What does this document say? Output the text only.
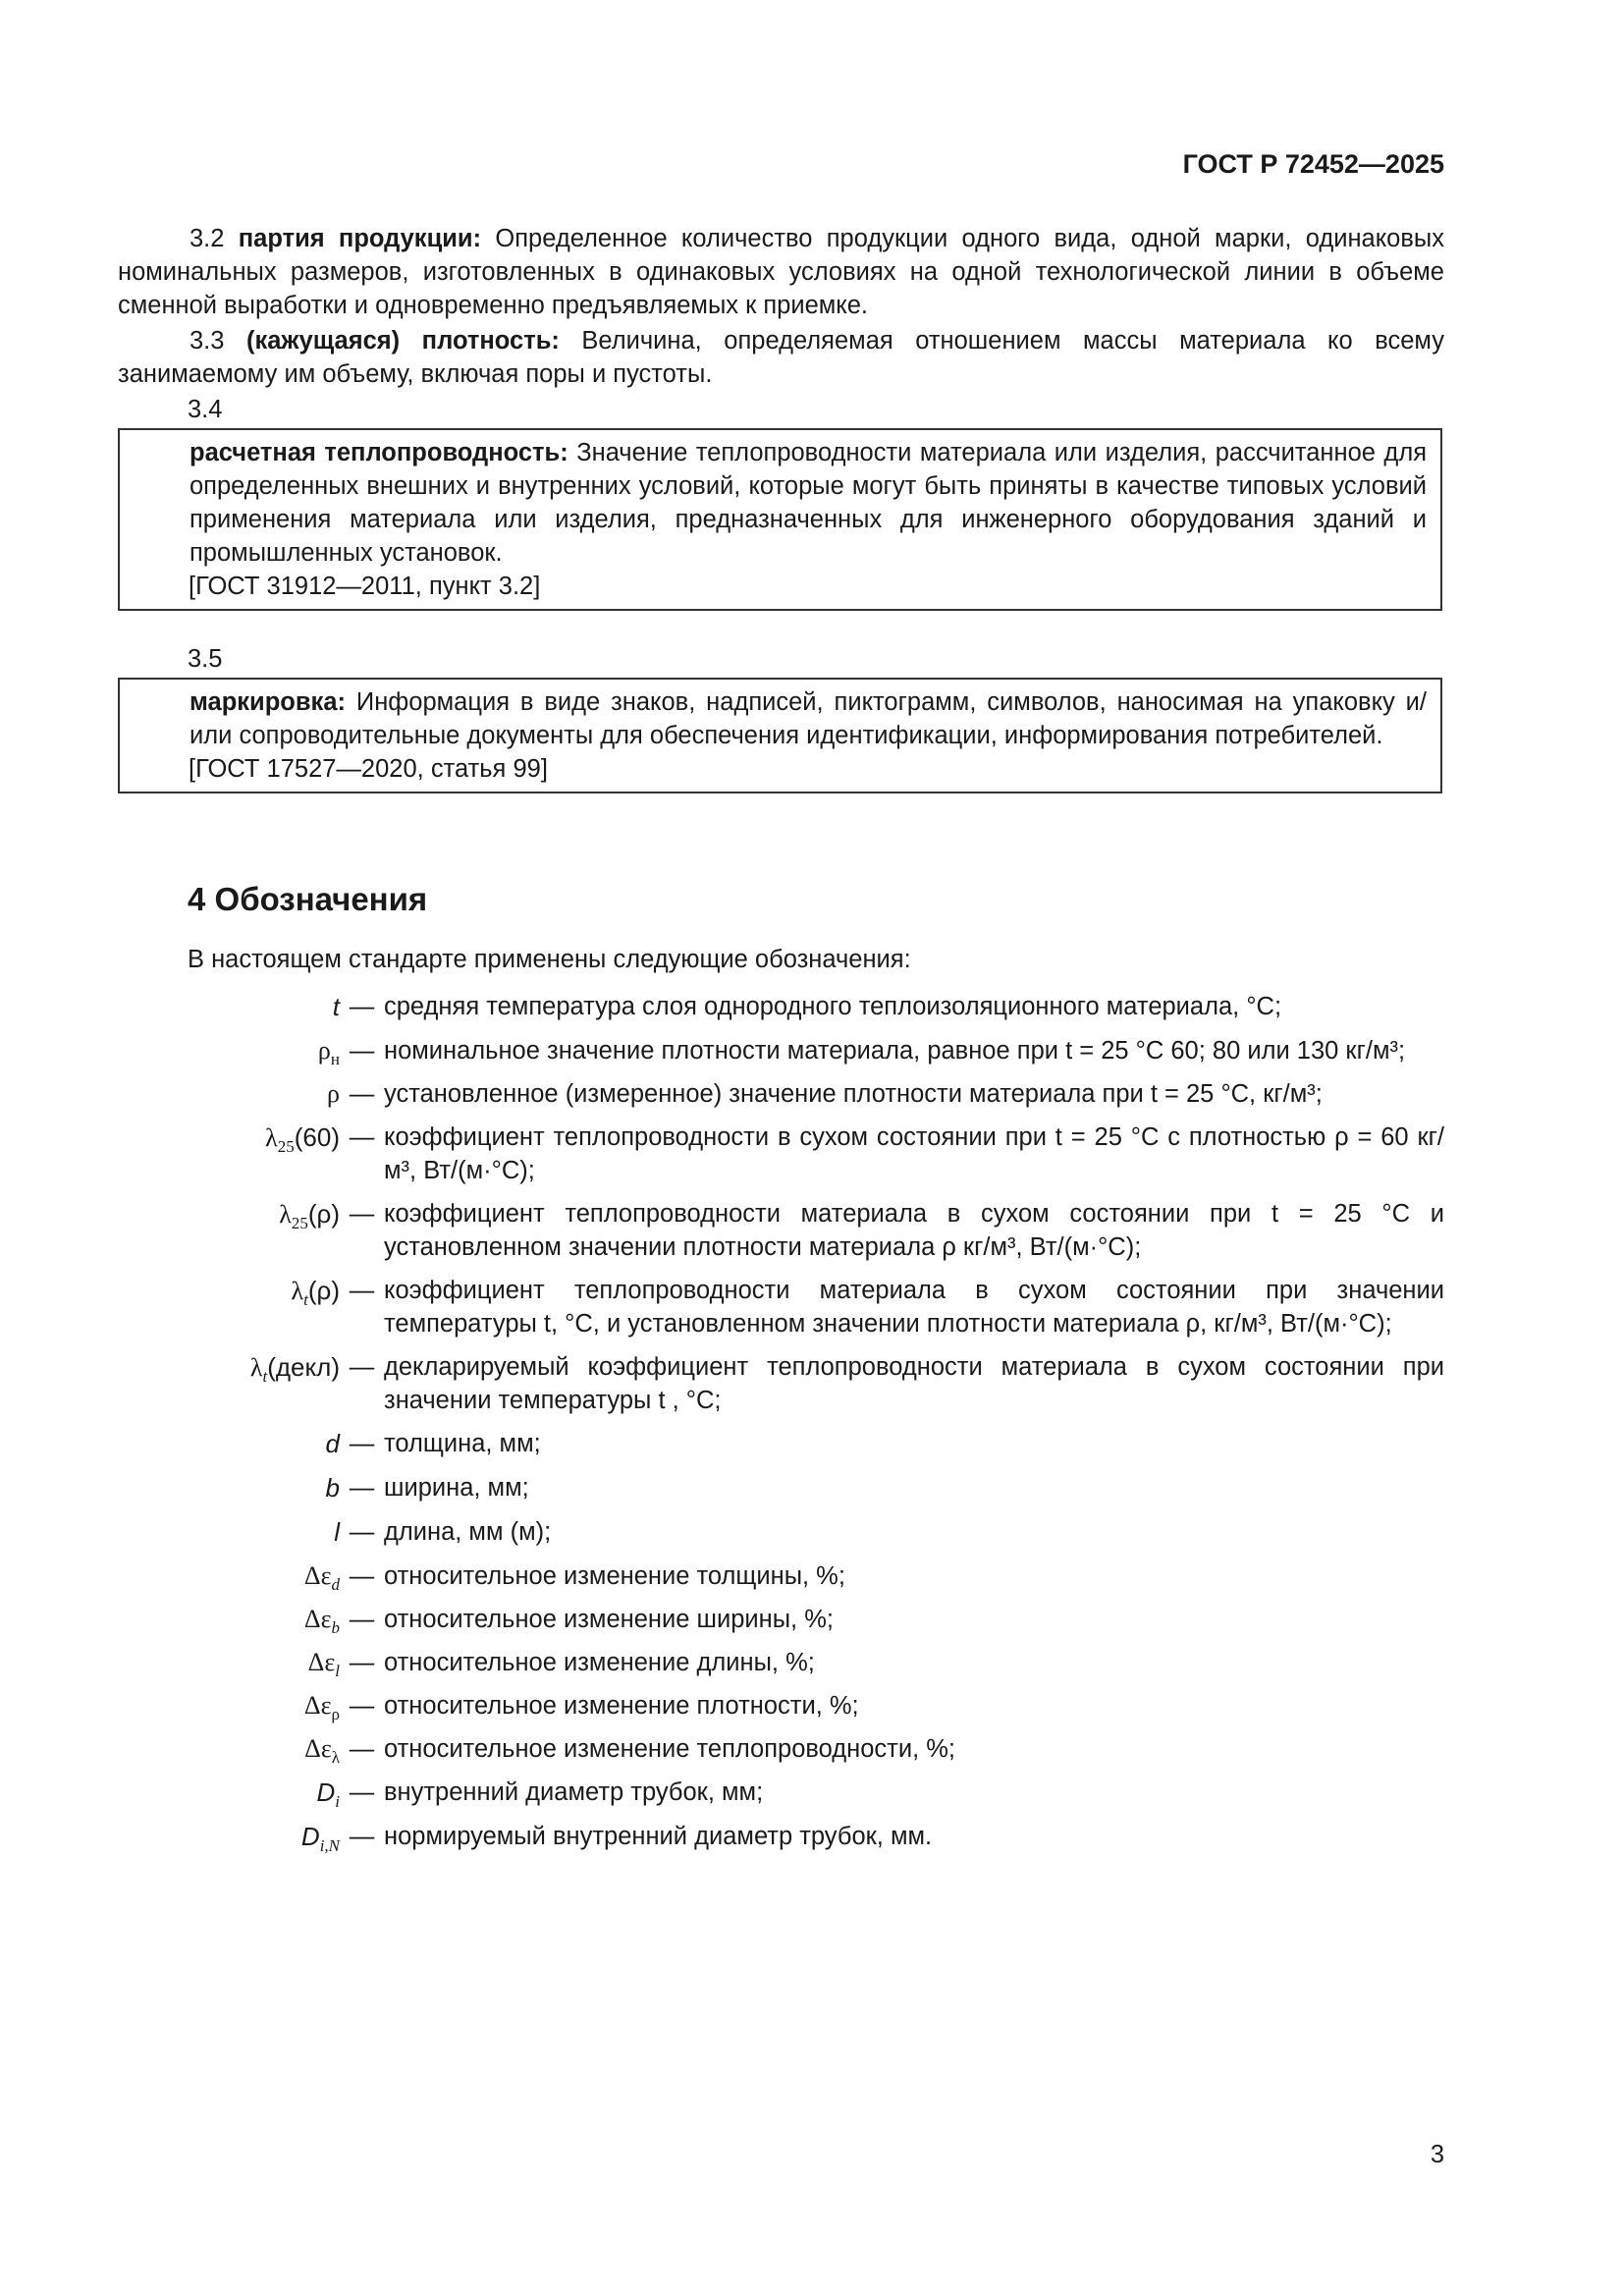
ГОСТ Р 72452—2025

3.2 партия продукции: Определенное количество продукции одного вида, одной марки, одинаковых номинальных размеров, изготовленных в одинаковых условиях на одной технологической линии в объеме сменной выработки и одновременно предъявляемых к приемке.

3.3 (кажущаяся) плотность: Величина, определяемая отношением массы материала ко всему занимаемому им объему, включая поры и пустоты.

3.4
расчетная теплопроводность: Значение теплопроводности материала или изделия, рассчитанное для определенных внешних и внутренних условий, которые могут быть приняты в качестве типовых условий применения материала или изделия, предназначенных для инженерного оборудования зданий и промышленных установок.
[ГОСТ 31912—2011, пункт 3.2]
3.5
маркировка: Информация в виде знаков, надписей, пиктограмм, символов, наносимая на упаковку и/или сопроводительные документы для обеспечения идентификации, информирования потребителей.
[ГОСТ 17527—2020, статья 99]
4 Обозначения
В настоящем стандарте применены следующие обозначения:
t — средняя температура слоя однородного теплоизоляционного материала, °С;
$\rho_н$ — номинальное значение плотности материала, равное при t = 25 °С 60; 80 или 130 кг/м³;
ρ — установленное (измеренное) значение плотности материала при t = 25 °С, кг/м³;
$\lambda_{25}(60)$ — коэффициент теплопроводности в сухом состоянии при t = 25 °С с плотностью ρ = 60 кг/м³, Вт/(м·°С);
$\lambda_{25}(\rho)$ — коэффициент теплопроводности материала в сухом состоянии при t = 25 °С и установленном значении плотности материала ρ кг/м³, Вт/(м·°С);
$\lambda_t(\rho)$ — коэффициент теплопроводности материала в сухом состоянии при значении температуры t, °С, и установленном значении плотности материала ρ, кг/м³, Вт/(м·°С);
$\lambda_t(декл)$ — декларируемый коэффициент теплопроводности материала в сухом состоянии при значении температуры t , °С;
d — толщина, мм;
b — ширина, мм;
l — длина, мм (м);
$\Delta\varepsilon_d$ — относительное изменение толщины, %;
$\Delta\varepsilon_b$ — относительное изменение ширины, %;
$\Delta\varepsilon_l$ — относительное изменение длины, %;
$\Delta\varepsilon_\rho$ — относительное изменение плотности, %;
$\Delta\varepsilon_\lambda$ — относительное изменение теплопроводности, %;
$D_i$ — внутренний диаметр трубок, мм;
$D_{i,N}$ — нормируемый внутренний диаметр трубок, мм.
3
